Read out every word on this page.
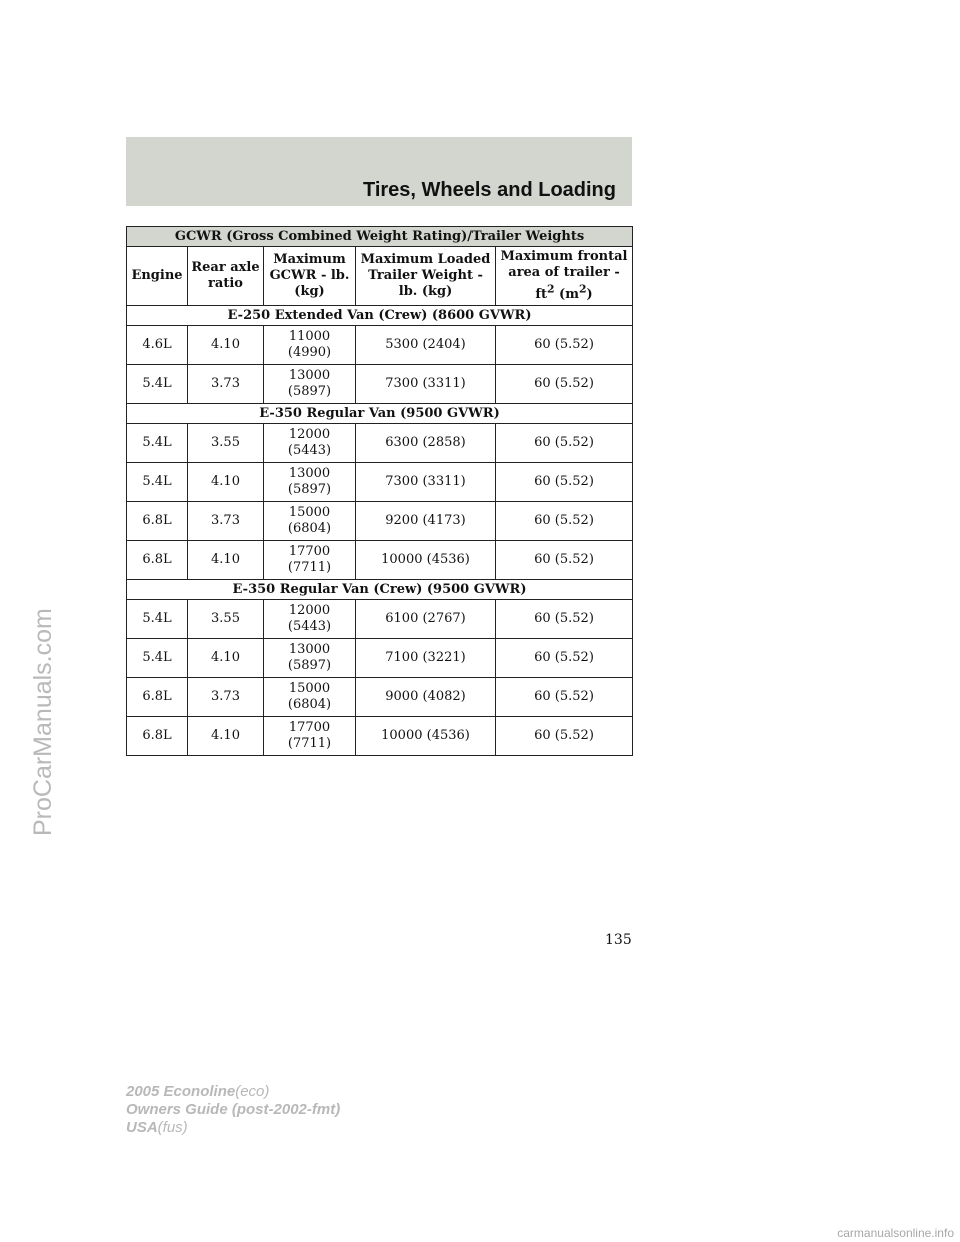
Tires, Wheels and Loading
GCWR (Gross Combined Weight Rating)/Trailer Weights				
Engine	Rear axle ratio	Maximum GCWR - lb. (kg)	Maximum Loaded Trailer Weight - lb. (kg)	Maximum frontal area of trailer - $ft^2$ $(m^2)$
E-250 Extended Van (Crew) (8600 GVWR)				
4.6L	4.10	11000
(4990)	5300 (2404)	60 (5.52)
5.4L	3.73	13000
(5897)	7300 (3311)	60 (5.52)
E-350 Regular Van (9500 GVWR)				
5.4L	3.55	12000
(5443)	6300 (2858)	60 (5.52)
5.4L	4.10	13000
(5897)	7300 (3311)	60 (5.52)
6.8L	3.73	15000
(6804)	9200 (4173)	60 (5.52)
6.8L	4.10	17700
(7711)	10000 (4536)	60 (5.52)
E-350 Regular Van (Crew) (9500 GVWR)				
5.4L	3.55	12000
(5443)	6100 (2767)	60 (5.52)
5.4L	4.10	13000
(5897)	7100 (3221)	60 (5.52)
6.8L	3.73	15000
(6804)	9000 (4082)	60 (5.52)
6.8L	4.10	17700
(7711)	10000 (4536)	60 (5.52)
135
2005 Econoline(eco)
Owners Guide (post-2002-fmt)
USA(fus)
ProCarManuals.com
carmanualsonline.info
